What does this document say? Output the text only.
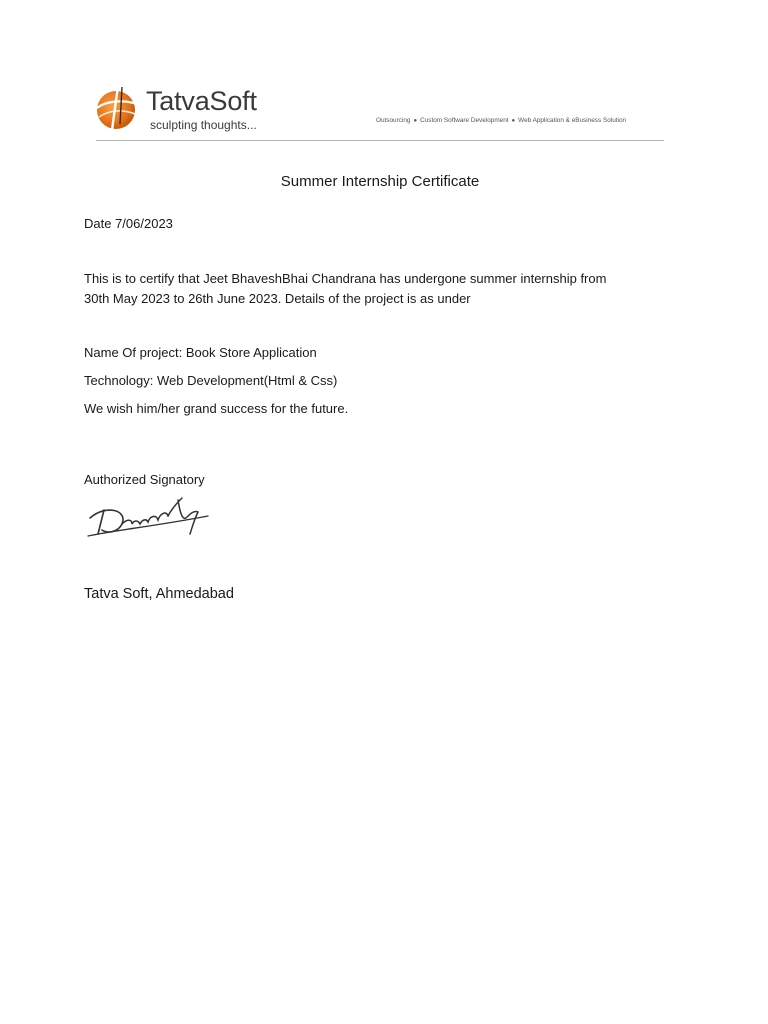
TatvaSoft
sculpting thoughts...	Outsourcing ● Custom Software Development ● Web Application & eBusiness Solution
Summer Internship Certificate
Date 7/06/2023
This is to certify that Jeet BhaveshBhai Chandrana has undergone summer internship from
30th May 2023 to 26th June 2023. Details of the project is as under
Name Of project: Book Store Application
Technology: Web Development(Html & Css)
We wish him/her grand success for the future.
Authorized Signatory
Tatva Soft, Ahmedabad
